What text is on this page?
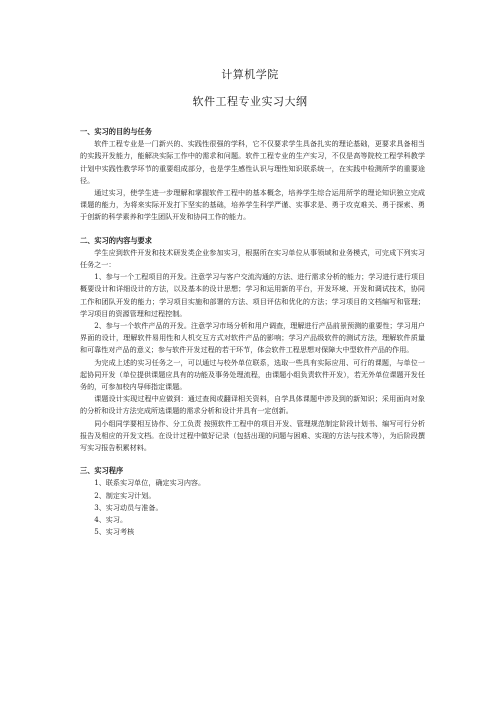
计算机学院
软件工程专业实习大纲
一、实习的目的与任务

软件工程专业是一门新兴的、实践性很强的学科，它不仅要求学生具备扎实的理论基础，更要求具备相当的实践开发能力，能解决实际工作中的需求和问题。软件工程专业的生产实习，不仅是高等院校工程学科教学计划中实践性教学环节的重要组成部分，也是学生感性认识与理性知识联系统一，在实践中检测所学的重要途径。

通过实习，使学生进一步理解和掌握软件工程中的基本概念，培养学生综合运用所学的理论知识独立完成课题的能力，为将来实际开发打下坚实的基础，培养学生科学严谨、实事求是、勇于攻克难关、勇于探索、勇于创新的科学素养和学生团队开发和协同工作的能力。

二、实习的内容与要求

学生应到软件开发和技术研发类企业参加实习，根据所在实习单位从事领域和业务模式，可完成下列实习任务之一：

1、参与一个工程项目的开发。注意学习与客户交流沟通的方法、进行需求分析的能力；学习进行进行项目概要设计和详细设计的方法，以及基本的设计思想；学习和运用新的平台，开发环境、开发和调试技术，协同工作和团队开发的能力；学习项目实施和部署的方法、项目评估和优化的方法；学习项目的文档编写和管理；学习项目的资源管理和过程控制。

2、参与一个软件产品的开发。注意学习市场分析和用户调查，理解进行产品前景预测的重要性；学习用户界面的设计，理解软件易用性和人机交互方式对软件产品的影响；学习产品级软件的测试方法，理解软件质量和可靠性对产品的意义；参与软件开发过程的若干环节，体会软件工程思想对保障大中型软件产品的作用。

为完成上述的实习任务之一，可以通过与校外单位联系，选取一些具有实际应用、可行的课题，与单位一起协同开发（单位提供课题应具有的功能及事务处理流程，由课题小组负责软件开发），若无外单位课题开发任务的，可参加校内导师指定课题。

课题设计实现过程中应做到：通过查阅或翻译相关资料，自学具体课题中涉及到的新知识；采用面向对象的分析和设计方法完成所选课题的需求分析和设计并具有一定创新。

同小组同学要相互协作、分工负责 按照软件工程中的项目开发、管理规范制定阶段计划书、编写可行分析报告及相应的开发文档。在设计过程中做好记录（包括出现的问题与困难、实现的方法与技术等），为后阶段撰写实习报告积累材料。

三、实习程序

1、联系实习单位，确定实习内容。

2、制定实习计划。

3、实习动员与准备。

4、实习。

5、实习考核
